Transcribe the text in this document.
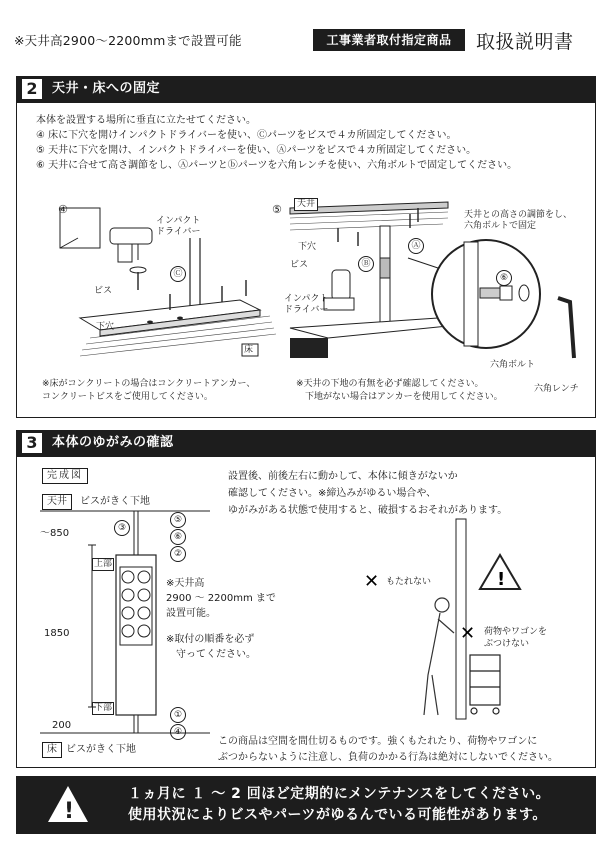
※天井高2900〜2200mmまで設置可能	工事業者取付指定商品	取扱説明書
2	天井・床への固定
本体を設置する場所に垂直に立たせてください。
④ 床に下穴を開けインパクトドライバーを使い、Ⓒパーツをビスで４カ所固定してください。
⑤ 天井に下穴を開け、インパクトドライバーを使い、Ⓐパーツをビスで４カ所固定してください。
⑥ 天井に合せて高さ調節をし、Ⓐパーツとⓑパーツを六角レンチを使い、六角ボルトで固定してください。
④
インパクト
ドライバー
ビス
下穴
Ⓒ
床
※床がコンクリートの場合はコンクリートアンカー、
コンクリートビスをご使用してください。
⑤	天井
下穴
ビス
インパクト
ドライバー
Ⓐ
Ⓑ
天井との高さの調節をし、
六角ボルトで固定
⑥
六角ボルト
六角レンチ
※天井の下地の有無を必ず確認してください。
　下地がない場合はアンカーを使用してください。
3	本体のゆがみの確認
完成図
天井	ビスがきく下地
〜850
1850
200
上部
下部
③
⑤
⑥
②
①
④
※天井高
2900 〜 2200mm まで
設置可能。
※取付の順番を必ず
　守ってください。
床 ビスがきく下地
設置後、前後左右に動かして、本体に傾きがないか
確認してください。※締込みがゆるい場合や、
ゆがみがある状態で使用すると、破損するおそれがあります。
!
✕
✕
もたれない
荷物やワゴンを
ぶつけない
この商品は空間を間仕切るものです。強くもたれたり、荷物やワゴンに
ぶつからないように注意し、負荷のかかる行為は絶対にしないでください。
!
１ヵ月に １ 〜 2 回ほど定期的にメンテナンスをしてください。
使用状況によりビスやパーツがゆるんでいる可能性があります。
